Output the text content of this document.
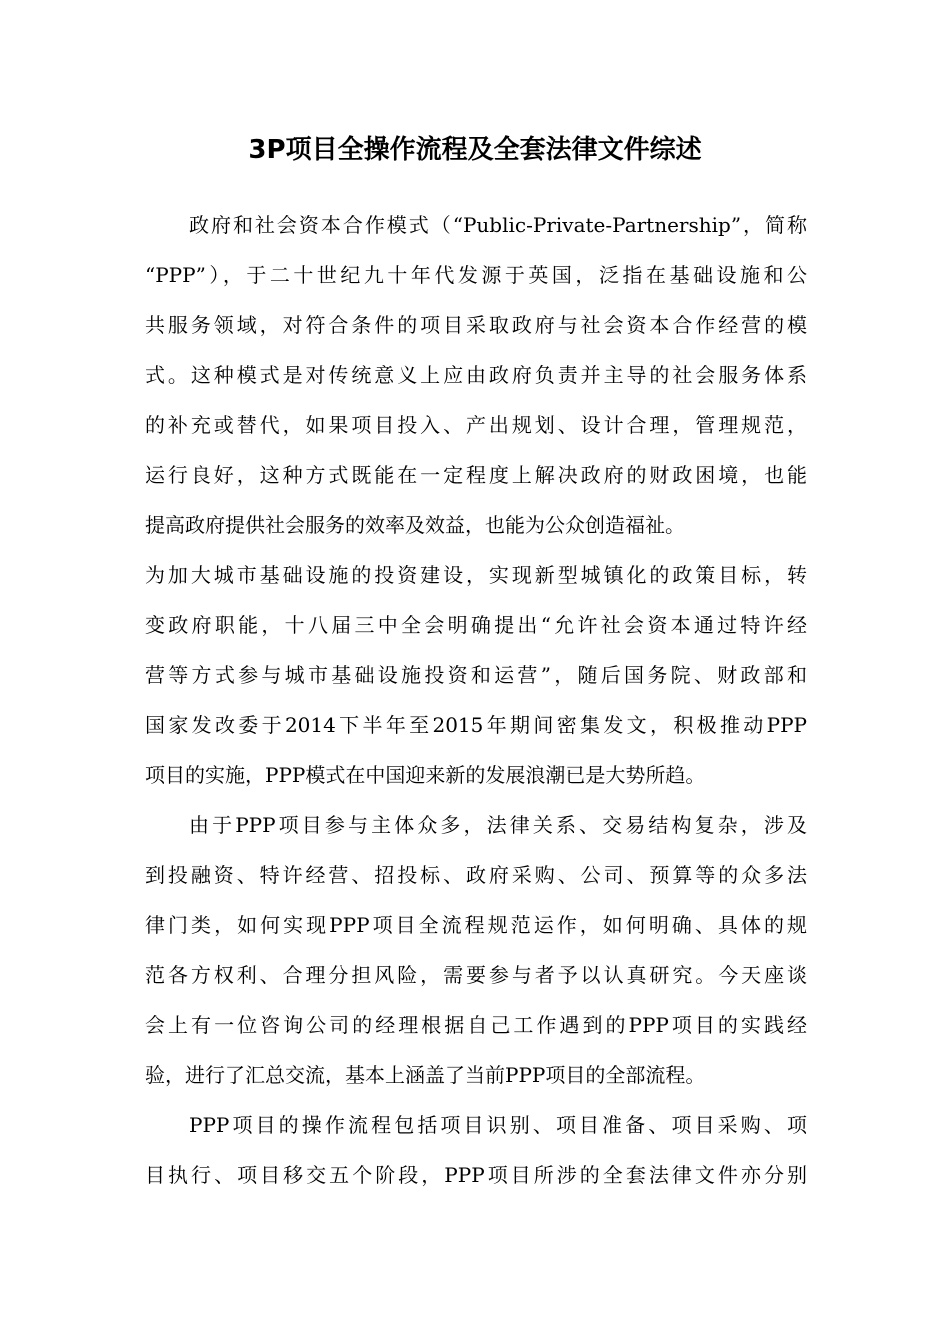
3P项目全操作流程及全套法律文件综述
政府和社会资本合作模式（“Public-Private-Partnership”，简称
“PPP”），于二十世纪九十年代发源于英国，泛指在基础设施和公
共服务领域，对符合条件的项目采取政府与社会资本合作经营的模
式。这种模式是对传统意义上应由政府负责并主导的社会服务体系
的补充或替代，如果项目投入、产出规划、设计合理，管理规范，
运行良好，这种方式既能在一定程度上解决政府的财政困境，也能
提高政府提供社会服务的效率及效益，也能为公众创造福祉。
为加大城市基础设施的投资建设，实现新型城镇化的政策目标，转
变政府职能，十八届三中全会明确提出“允许社会资本通过特许经
营等方式参与城市基础设施投资和运营”，随后国务院、财政部和
国家发改委于2014下半年至2015年期间密集发文，积极推动PPP
项目的实施，PPP模式在中国迎来新的发展浪潮已是大势所趋。
由于PPP项目参与主体众多，法律关系、交易结构复杂，涉及
到投融资、特许经营、招投标、政府采购、公司、预算等的众多法
律门类，如何实现PPP项目全流程规范运作，如何明确、具体的规
范各方权利、合理分担风险，需要参与者予以认真研究。今天座谈
会上有一位咨询公司的经理根据自己工作遇到的PPP项目的实践经
验，进行了汇总交流，基本上涵盖了当前PPP项目的全部流程。
PPP项目的操作流程包括项目识别、项目准备、项目采购、项
目执行、项目移交五个阶段，PPP项目所涉的全套法律文件亦分别
